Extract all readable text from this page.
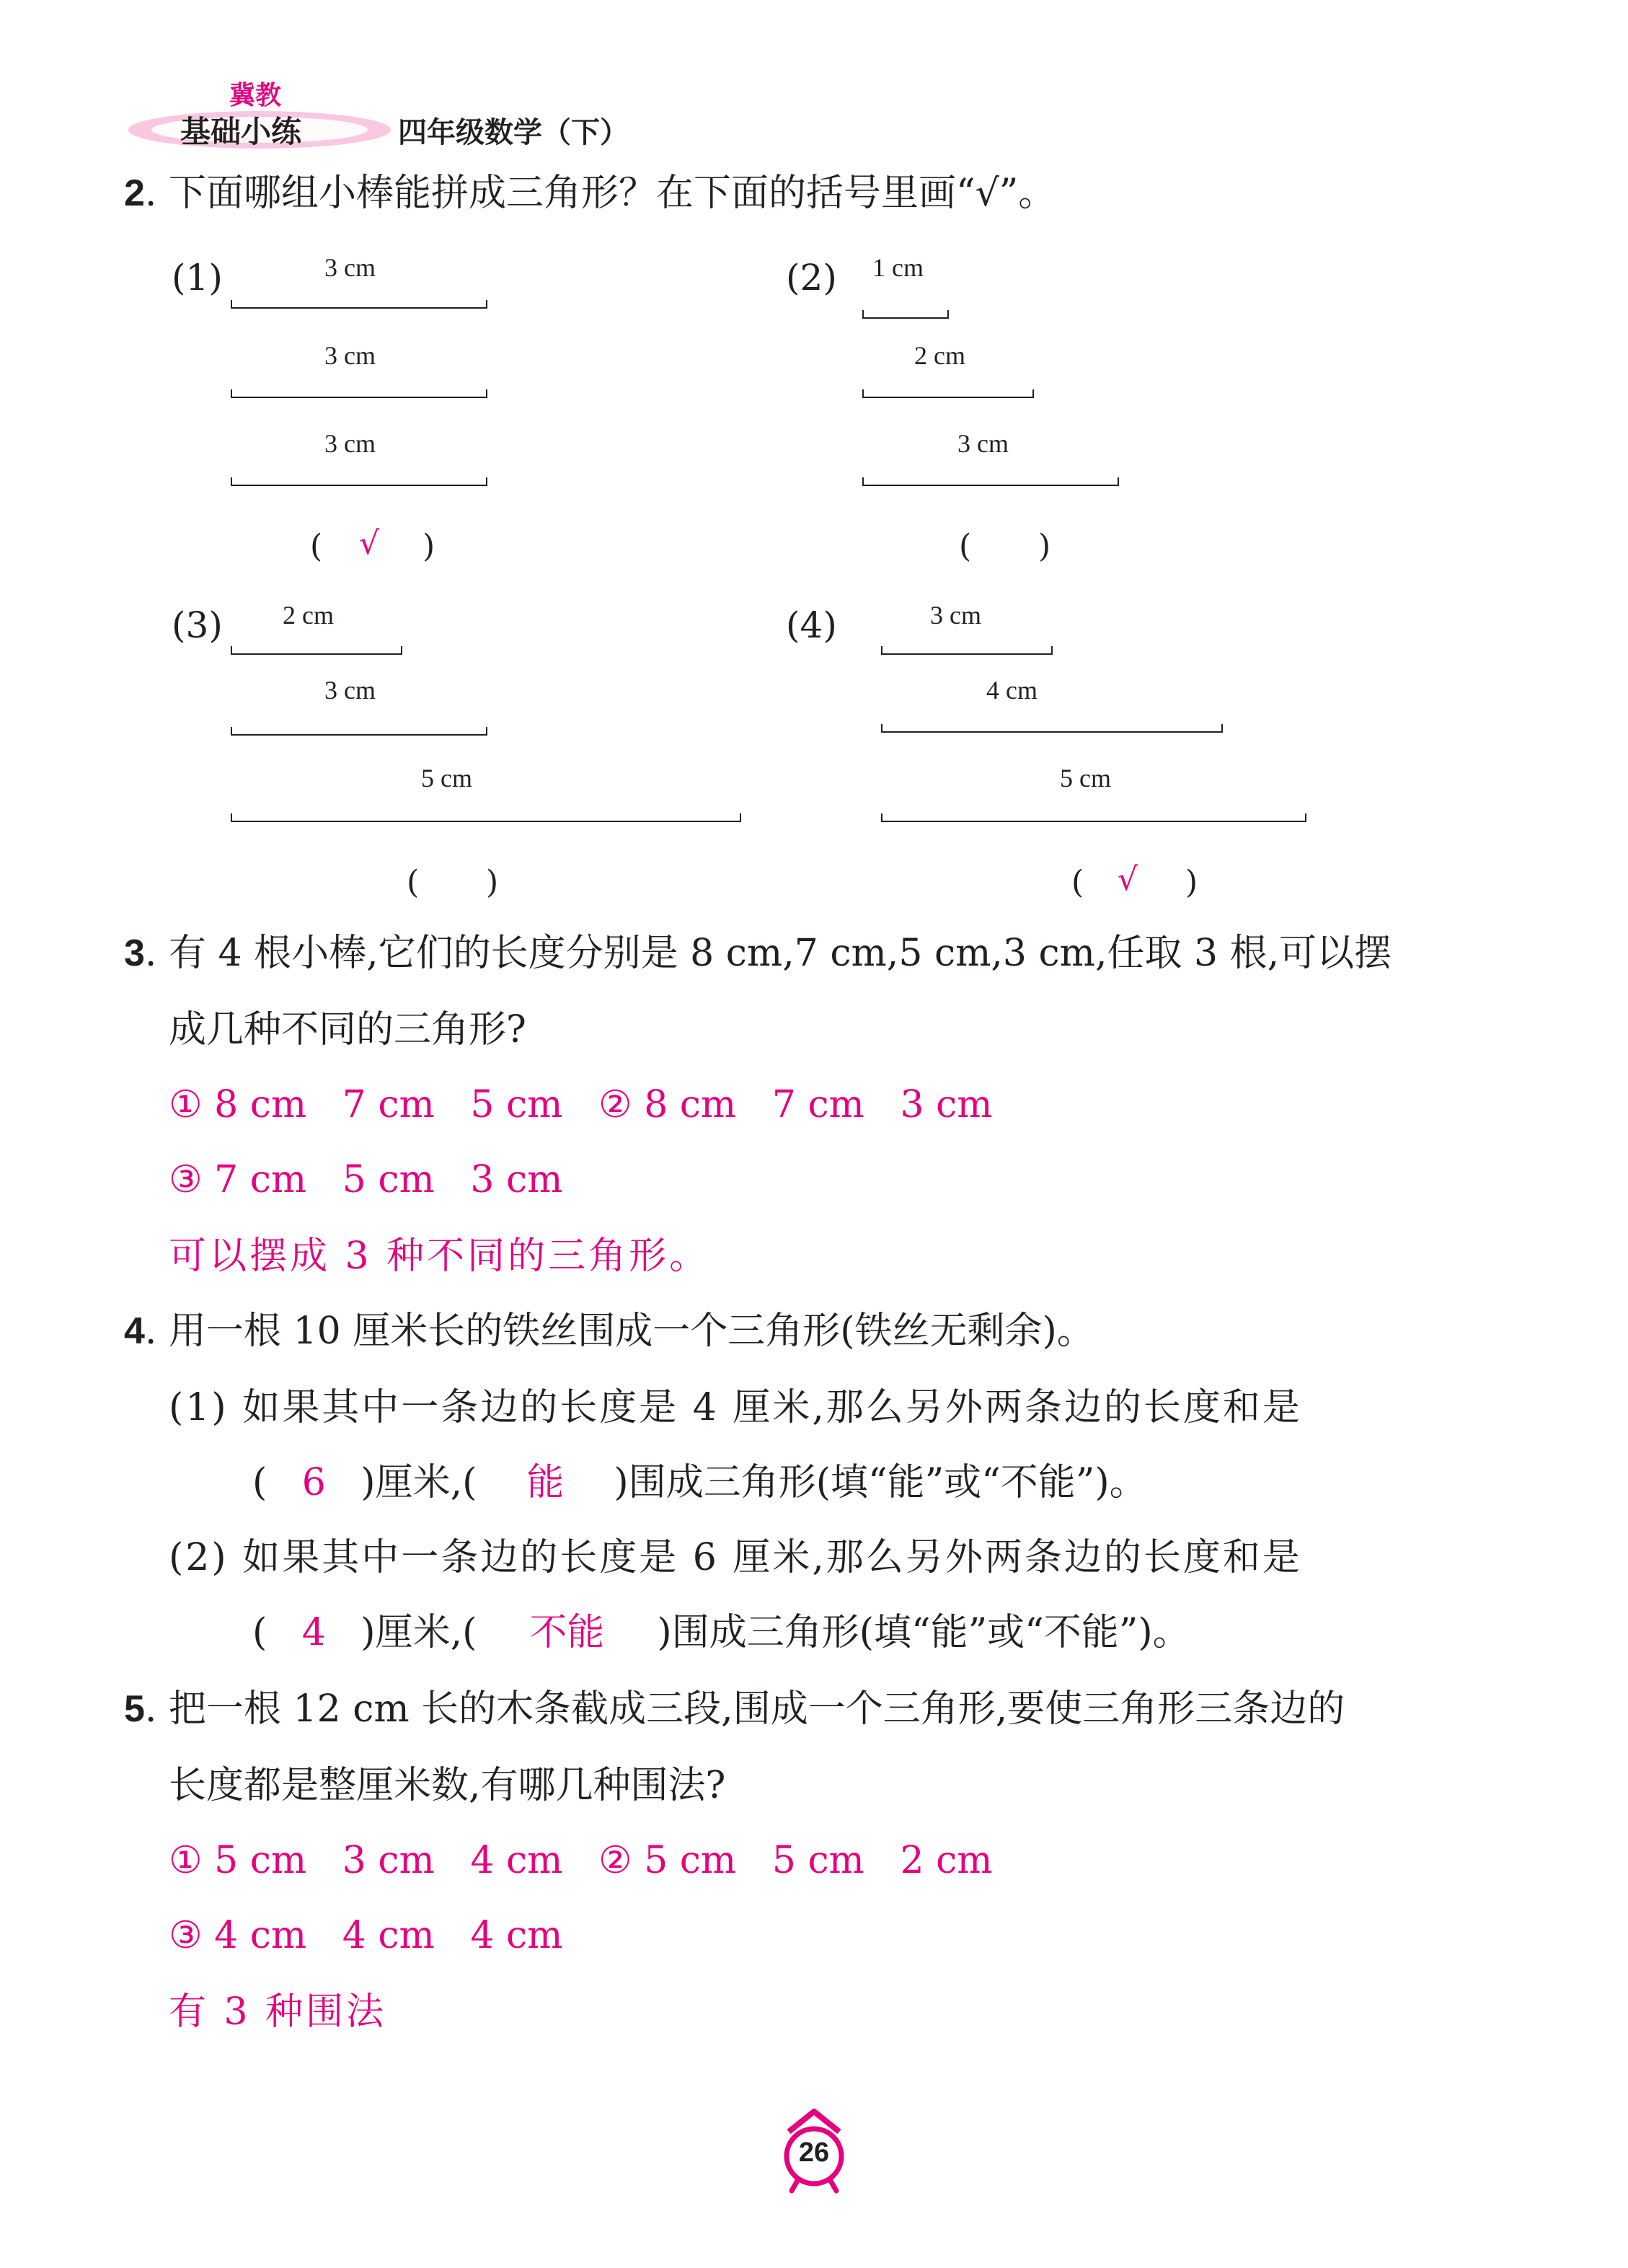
冀教
基础小练	四年级数学（下）
2. 下面哪组小棒能拼成三角形？在下面的括号里画“√”。
(1)	3 cm
3 cm
3 cm
( √ )
(2) 1 cm
2 cm
3 cm
( )
(3) 2 cm
3 cm
5 cm
( )
(4)	3 cm
4 cm
5 cm
( √ )
3. 有 4 根小棒,它们的长度分别是 8 cm,7 cm,5 cm,3 cm,任取 3 根,可以摆
成几种不同的三角形?
① 8 cm   7 cm   5 cm   ② 8 cm   7 cm   3 cm
③ 7 cm   5 cm   3 cm
可以摆成 3 种不同的三角形。
4. 用一根 10 厘米长的铁丝围成一个三角形(铁丝无剩余)。
(1) 如果其中一条边的长度是 4 厘米,那么另外两条边的长度和是
( 6 )厘米,( 能 )围成三角形(填“能”或“不能”)。
(2) 如果其中一条边的长度是 6 厘米,那么另外两条边的长度和是
( 4 )厘米,( 不能 )围成三角形(填“能”或“不能”)。
5. 把一根 12 cm 长的木条截成三段,围成一个三角形,要使三角形三条边的
长度都是整厘米数,有哪几种围法?
① 5 cm   3 cm   4 cm   ② 5 cm   5 cm   2 cm
③ 4 cm   4 cm   4 cm
有 3 种围法
26
